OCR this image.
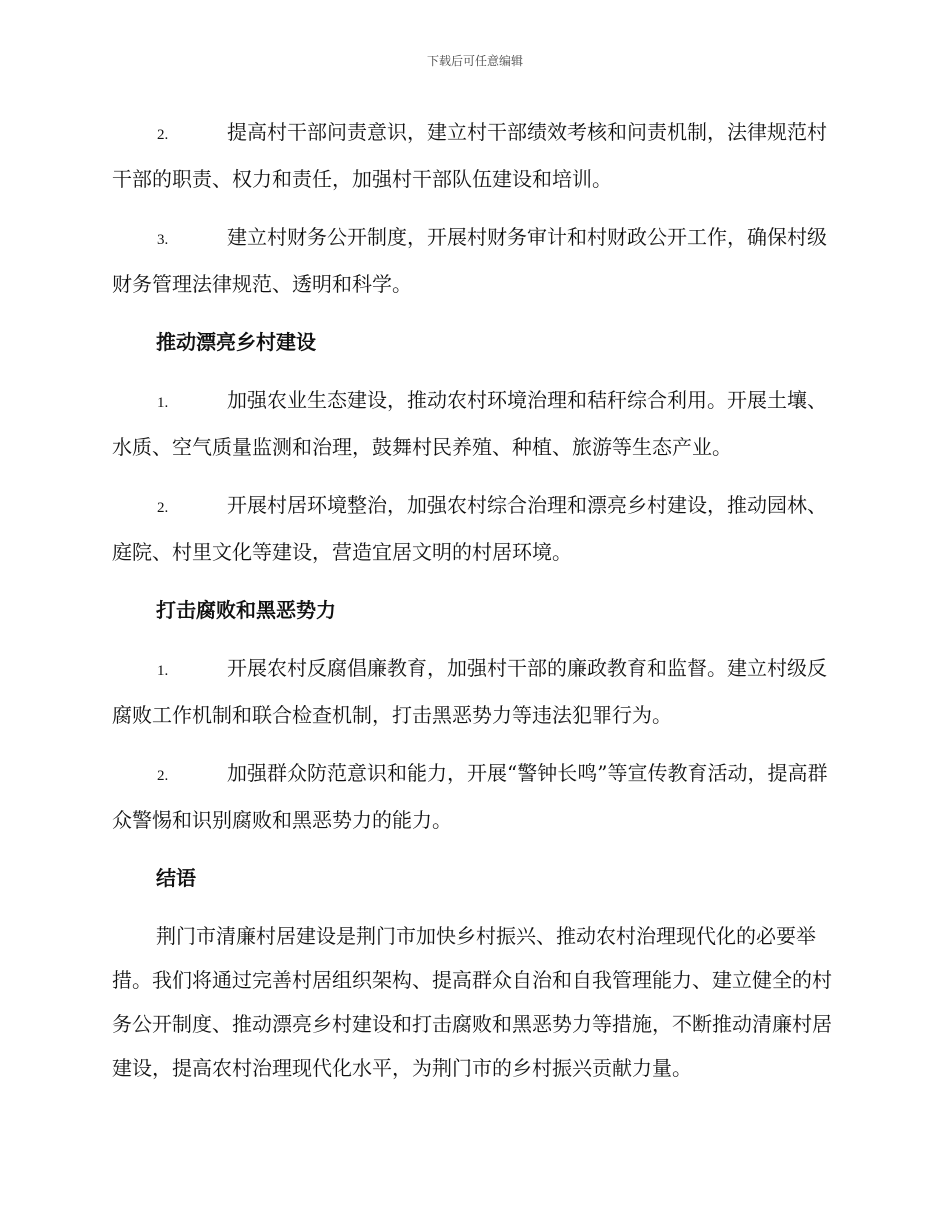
下载后可任意编辑

2.	提高村干部问责意识，建立村干部绩效考核和问责机制，法律规范村干部的职责、权力和责任，加强村干部队伍建设和培训。

3.	建立村财务公开制度，开展村财务审计和村财政公开工作，确保村级财务管理法律规范、透明和科学。

推动漂亮乡村建设

1.	加强农业生态建设，推动农村环境治理和秸秆综合利用。开展土壤、水质、空气质量监测和治理，鼓舞村民养殖、种植、旅游等生态产业。

2.	开展村居环境整治，加强农村综合治理和漂亮乡村建设，推动园林、庭院、村里文化等建设，营造宜居文明的村居环境。

打击腐败和黑恶势力

1.	开展农村反腐倡廉教育，加强村干部的廉政教育和监督。建立村级反腐败工作机制和联合检查机制，打击黑恶势力等违法犯罪行为。

2.	加强群众防范意识和能力，开展“警钟长鸣”等宣传教育活动，提高群众警惕和识别腐败和黑恶势力的能力。

结语

荆门市清廉村居建设是荆门市加快乡村振兴、推动农村治理现代化的必要举措。我们将通过完善村居组织架构、提高群众自治和自我管理能力、建立健全的村务公开制度、推动漂亮乡村建设和打击腐败和黑恶势力等措施，不断推动清廉村居建设，提高农村治理现代化水平，为荆门市的乡村振兴贡献力量。
